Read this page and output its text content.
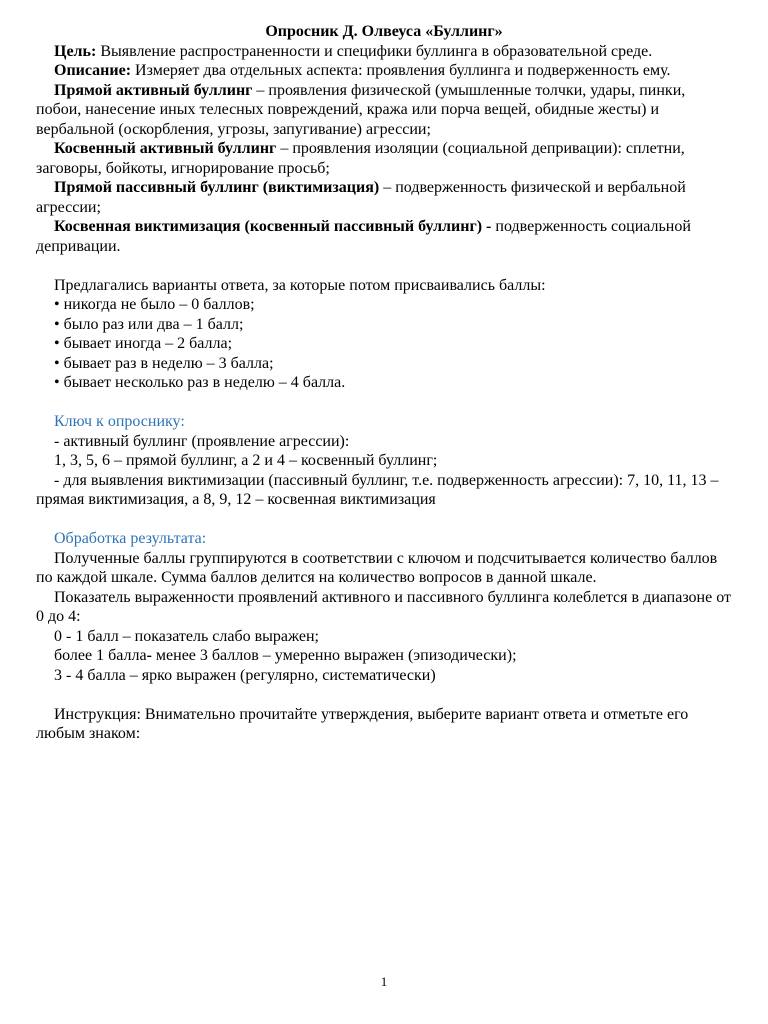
Опросник Д. Олвеуса «Буллинг»

Цель: Выявление распространенности и специфики буллинга в образовательной среде.

Описание: Измеряет два отдельных аспекта: проявления буллинга и подверженность ему.

Прямой активный буллинг – проявления физической (умышленные толчки, удары, пинки, побои, нанесение иных телесных повреждений, кража или порча вещей, обидные жесты) и вербальной (оскорбления, угрозы, запугивание) агрессии;

Косвенный активный буллинг – проявления изоляции (социальной депривации): сплетни, заговоры, бойкоты, игнорирование просьб;

Прямой пассивный буллинг (виктимизация) – подверженность физической и вербальной агрессии;

Косвенная виктимизация (косвенный пассивный буллинг) - подверженность социальной депривации.

Предлагались варианты ответа, за которые потом присваивались баллы:

• никогда не было – 0 баллов;

• было раз или два – 1 балл;

• бывает иногда – 2 балла;

• бывает раз в неделю – 3 балла;

• бывает несколько раз в неделю – 4 балла.

Ключ к опроснику:

- активный буллинг (проявление агрессии):

1, 3, 5, 6 – прямой буллинг, а 2 и 4 – косвенный буллинг;

- для выявления виктимизации (пассивный буллинг, т.е. подверженность агрессии): 7, 10, 11, 13 – прямая виктимизация, а 8, 9, 12 – косвенная виктимизация

Обработка результата:

Полученные баллы группируются в соответствии с ключом и подсчитывается количество баллов по каждой шкале. Сумма баллов делится на количество вопросов в данной шкале.

Показатель выраженности проявлений активного и пассивного буллинга колеблется в диапазоне от 0 до 4:

0 - 1 балл – показатель слабо выражен;

более 1 балла- менее 3 баллов – умеренно выражен (эпизодически);

3 - 4 балла – ярко выражен (регулярно, систематически)

Инструкция: Внимательно прочитайте утверждения, выберите вариант ответа и отметьте его любым знаком:

1
